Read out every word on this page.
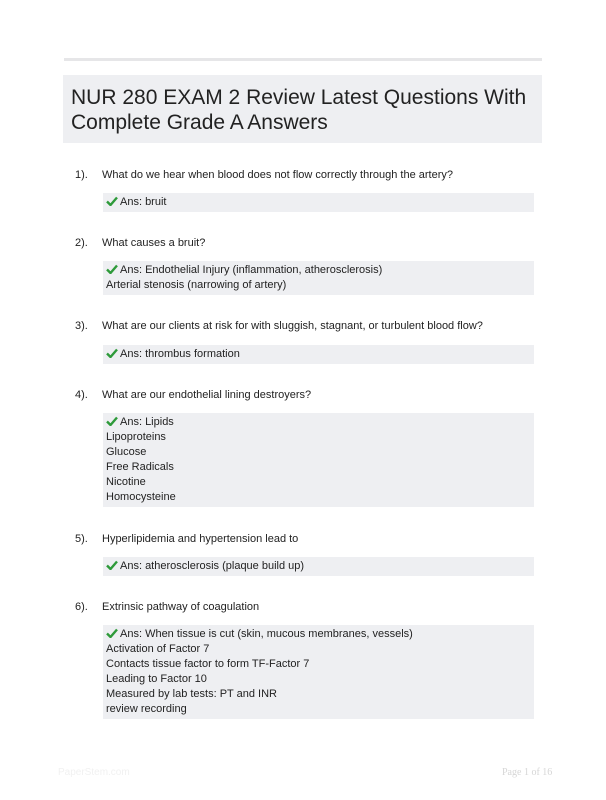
NUR 280 EXAM 2 Review Latest Questions With
Complete Grade A Answers
1). What do we hear when blood does not flow correctly through the artery?
Ans: bruit
2). What causes a bruit?
Ans: Endothelial Injury (inflammation, atherosclerosis)
Arterial stenosis (narrowing of artery)
3). What are our clients at risk for with sluggish, stagnant, or turbulent blood flow?
Ans: thrombus formation
4). What are our endothelial lining destroyers?
Ans: Lipids
Lipoproteins
Glucose
Free Radicals
Nicotine
Homocysteine
5). Hyperlipidemia and hypertension lead to
Ans: atherosclerosis (plaque build up)
6). Extrinsic pathway of coagulation
Ans: When tissue is cut (skin, mucous membranes, vessels)
Activation of Factor 7
Contacts tissue factor to form TF-Factor 7
Leading to Factor 10
Measured by lab tests: PT and INR
review recording
PaperStem.com	Page 1 of 16
